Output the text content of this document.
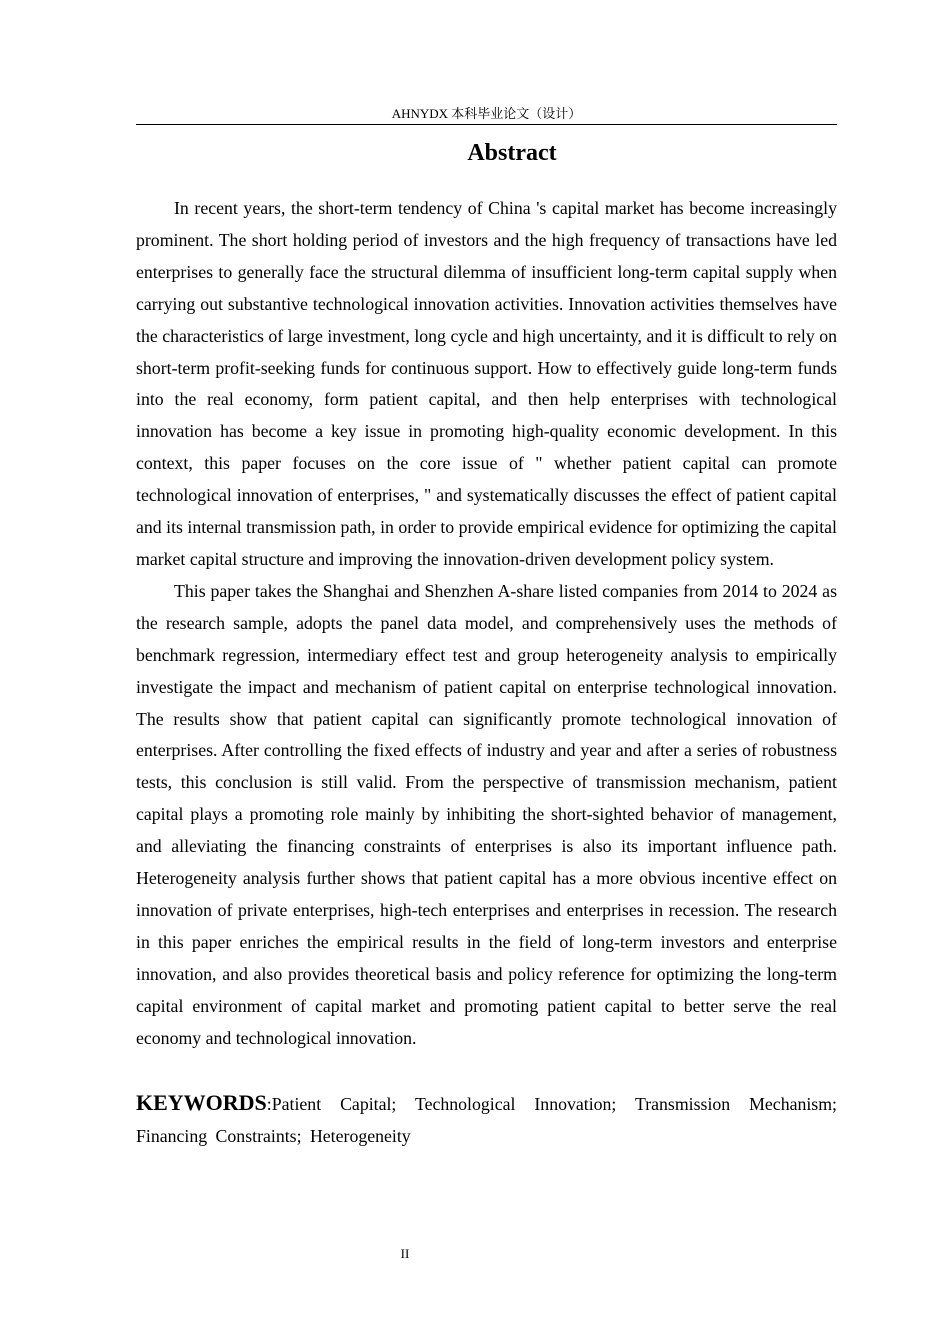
AHNYDX 本科毕业论文（设计）
Abstract

In recent years, the short-term tendency of China 's capital market has become increasingly prominent. The short holding period of investors and the high frequency of transactions have led enterprises to generally face the structural dilemma of insufficient long-term capital supply when carrying out substantive technological innovation activities. Innovation activities themselves have the characteristics of large investment, long cycle and high uncertainty, and it is difficult to rely on short-term profit-seeking funds for continuous support. How to effectively guide long-term funds into the real economy, form patient capital, and then help enterprises with technological innovation has become a key issue in promoting high-quality economic development. In this context, this paper focuses on the core issue of " whether patient capital can promote technological innovation of enterprises, " and systematically discusses the effect of patient capital and its internal transmission path, in order to provide empirical evidence for optimizing the capital market capital structure and improving the innovation-driven development policy system.

This paper takes the Shanghai and Shenzhen A-share listed companies from 2014 to 2024 as the research sample, adopts the panel data model, and comprehensively uses the methods of benchmark regression, intermediary effect test and group heterogeneity analysis to empirically investigate the impact and mechanism of patient capital on enterprise technological innovation. The results show that patient capital can significantly promote technological innovation of enterprises. After controlling the fixed effects of industry and year and after a series of robustness tests, this conclusion is still valid. From the perspective of transmission mechanism, patient capital plays a promoting role mainly by inhibiting the short-sighted behavior of management, and alleviating the financing constraints of enterprises is also its important influence path. Heterogeneity analysis further shows that patient capital has a more obvious incentive effect on innovation of private enterprises, high-tech enterprises and enterprises in recession. The research in this paper enriches the empirical results in the field of long-term investors and enterprise innovation, and also provides theoretical basis and policy reference for optimizing the long-term capital environment of capital market and promoting patient capital to better serve the real economy and technological innovation.

KEYWORDS:Patient Capital; Technological Innovation; Transmission Mechanism; Financing Constraints; Heterogeneity
II
